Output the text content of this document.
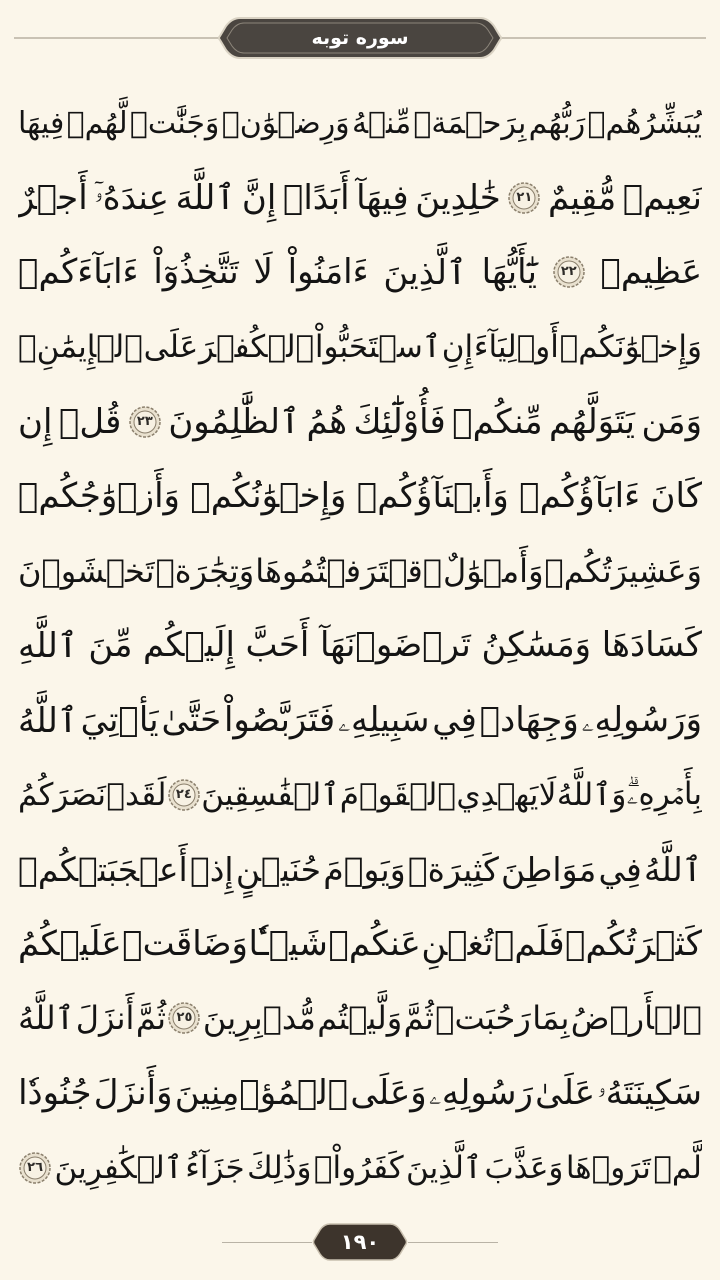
سوره توبه
يُبَشِّرُهُمۡ
رَبُّهُم
بِرَحۡمَةٖ
مِّنۡهُ
وَرِضۡوَٰنٖ
وَجَنَّٰتٖ
لَّهُمۡ
فِيهَا
نَعِيمٞ
مُّقِيمٌ
٢١
خَٰلِدِينَ
فِيهَآ
أَبَدًاۚ
إِنَّ
ٱللَّهَ
عِندَهُۥٓ
أَجۡرٌ
عَظِيمٞ
٢٢
يَٰٓأَيُّهَا
ٱلَّذِينَ
ءَامَنُواْ
لَا
تَتَّخِذُوٓاْ
ءَابَآءَكُمۡ
وَإِخۡوَٰنَكُمۡ
أَوۡلِيَآءَ
إِنِ
ٱسۡتَحَبُّواْ
ٱلۡكُفۡرَ
عَلَى
ٱلۡإِيمَٰنِۚ
وَمَن
يَتَوَلَّهُم
مِّنكُمۡ
فَأُوْلَٰٓئِكَ
هُمُ
ٱلظَّٰلِمُونَ
٢٣
قُلۡ
إِن
كَانَ
ءَابَآؤُكُمۡ
وَأَبۡنَآؤُكُمۡ
وَإِخۡوَٰنُكُمۡ
وَأَزۡوَٰجُكُمۡ
وَعَشِيرَتُكُمۡ
وَأَمۡوَٰلٌ
ٱقۡتَرَفۡتُمُوهَا
وَتِجَٰرَةٞ
تَخۡشَوۡنَ
كَسَادَهَا
وَمَسَٰكِنُ
تَرۡضَوۡنَهَآ
أَحَبَّ
إِلَيۡكُم
مِّنَ
ٱللَّهِ
وَرَسُولِهِۦ
وَجِهَادٖ
فِي
سَبِيلِهِۦ
فَتَرَبَّصُواْ
حَتَّىٰ
يَأۡتِيَ
ٱللَّهُ
بِأَمۡرِهِۦۗ
وَٱللَّهُ
لَا
يَهۡدِي
ٱلۡقَوۡمَ
ٱلۡفَٰسِقِينَ
٢٤
لَقَدۡ
نَصَرَكُمُ
ٱللَّهُ
فِي
مَوَاطِنَ
كَثِيرَةٖ
وَيَوۡمَ
حُنَيۡنٍ
إِذۡ
أَعۡجَبَتۡكُمۡ
كَثۡرَتُكُمۡ
فَلَمۡ
تُغۡنِ
عَنكُمۡ
شَيۡـٔٗا
وَضَاقَتۡ
عَلَيۡكُمُ
ٱلۡأَرۡضُ
بِمَا
رَحُبَتۡ
ثُمَّ
وَلَّيۡتُم
مُّدۡبِرِينَ
٢٥
ثُمَّ
أَنزَلَ
ٱللَّهُ
سَكِينَتَهُۥ
عَلَىٰ
رَسُولِهِۦ
وَعَلَى
ٱلۡمُؤۡمِنِينَ
وَأَنزَلَ
جُنُودٗا
لَّمۡ
تَرَوۡهَا
وَعَذَّبَ
ٱلَّذِينَ
كَفَرُواْۚ
وَذَٰلِكَ
جَزَآءُ
ٱلۡكَٰفِرِينَ
٢٦
١٩٠
